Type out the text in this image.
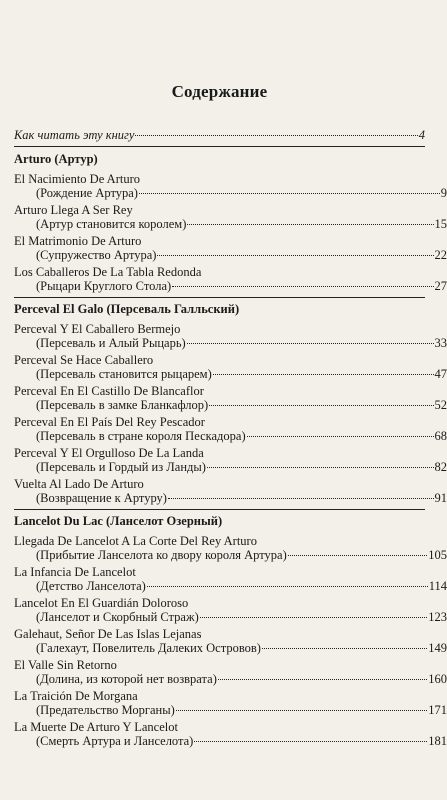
Содержание
Как читать эту книгу	4
Arturo (Артур)
El Nacimiento De Arturo
(Рождение Артура)	9
Arturo Llega A Ser Rey
(Артур становится королем)	15
El Matrimonio De Arturo
(Супружество Артура)	22
Los Caballeros De La Tabla Redonda
(Рыцари Круглого Стола)	27
Perceval El Galo (Персеваль Галльский)
Perceval Y El Caballero Bermejo
(Персеваль и Алый Рыцарь)	33
Perceval Se Hace Caballero
(Персеваль становится рыцарем)	47
Perceval En El Castillo De Blancaflor
(Персеваль в замке Бланкафлор)	52
Perceval En El País Del Rey Pescador
(Персеваль в стране короля Пескадора)	68
Perceval Y El Orgulloso De La Landa
(Персеваль и Гордый из Ланды)	82
Vuelta Al Lado De Arturo
(Возвращение к Артуру)	91
Lancelot Du Lac (Ланселот Озерный)
Llegada De Lancelot A La Corte Del Rey Arturo
(Прибытие Ланселота ко двору короля Артура)	105
La Infancia De Lancelot
(Детство Ланселота)	114
Lancelot En El Guardián Doloroso
(Ланселот и Скорбный Страж)	123
Galehaut, Señor De Las Islas Lejanas
(Галехаут, Повелитель Далеких Островов)	149
El Valle Sin Retorno
(Долина, из которой нет возврата)	160
La Traición De Morgana
(Предательство Морганы)	171
La Muerte De Arturo Y Lancelot
(Смерть Артура и Ланселота)	181
